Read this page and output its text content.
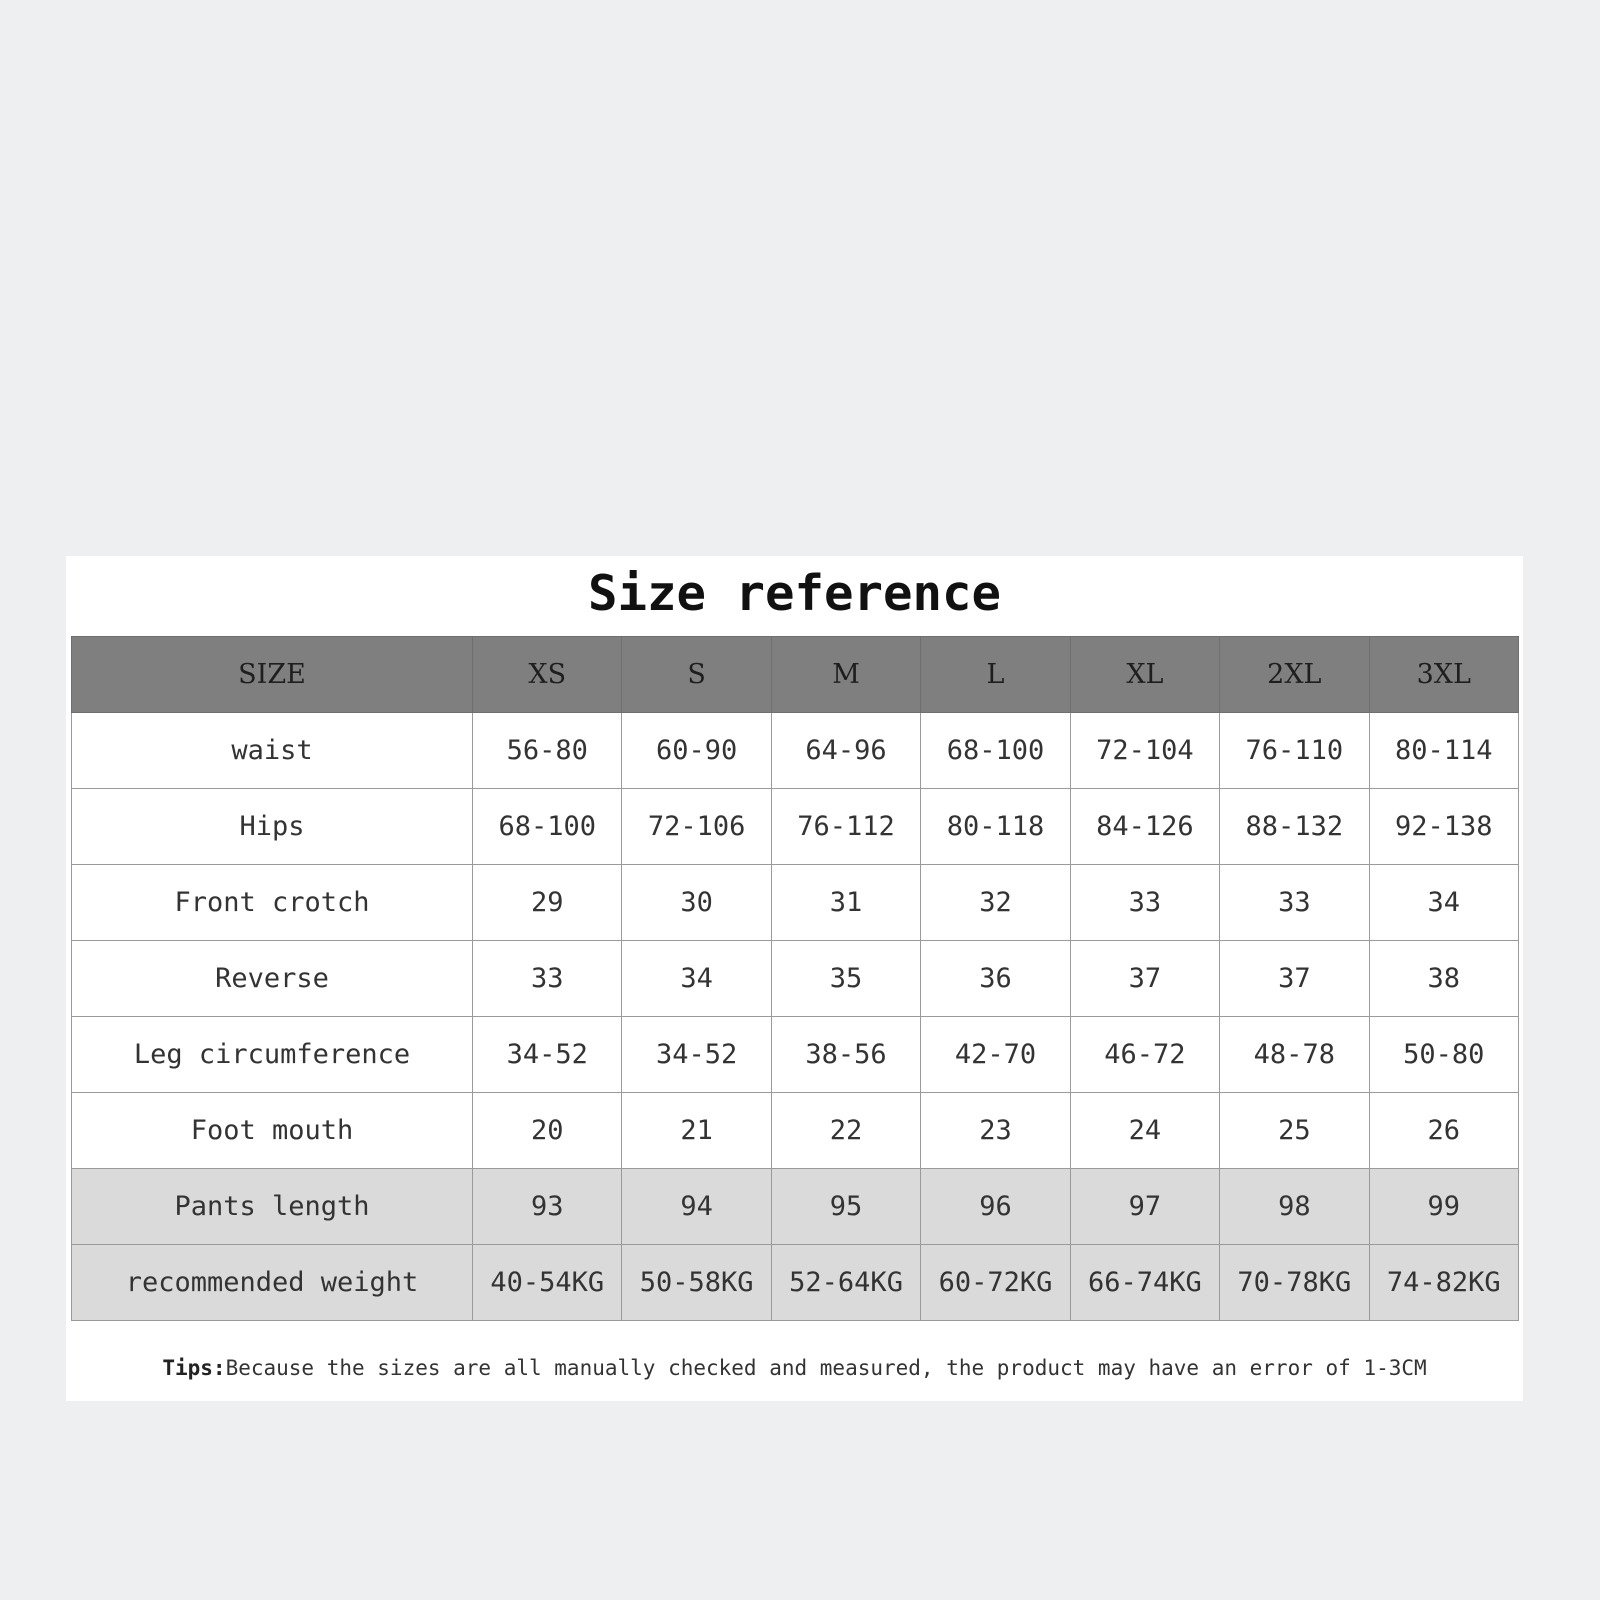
Size reference
SIZE	XS	S	M	L	XL	2XL	3XL
waist	56-80	60-90	64-96	68-100	72-104	76-110	80-114
Hips	68-100	72-106	76-112	80-118	84-126	88-132	92-138
Front crotch	29	30	31	32	33	33	34
Reverse	33	34	35	36	37	37	38
Leg circumference	34-52	34-52	38-56	42-70	46-72	48-78	50-80
Foot mouth	20	21	22	23	24	25	26
Pants length	93	94	95	96	97	98	99
recommended weight	40-54KG	50-58KG	52-64KG	60-72KG	66-74KG	70-78KG	74-82KG
Tips:Because the sizes are all manually checked and measured, the product may have an error of 1-3CM
